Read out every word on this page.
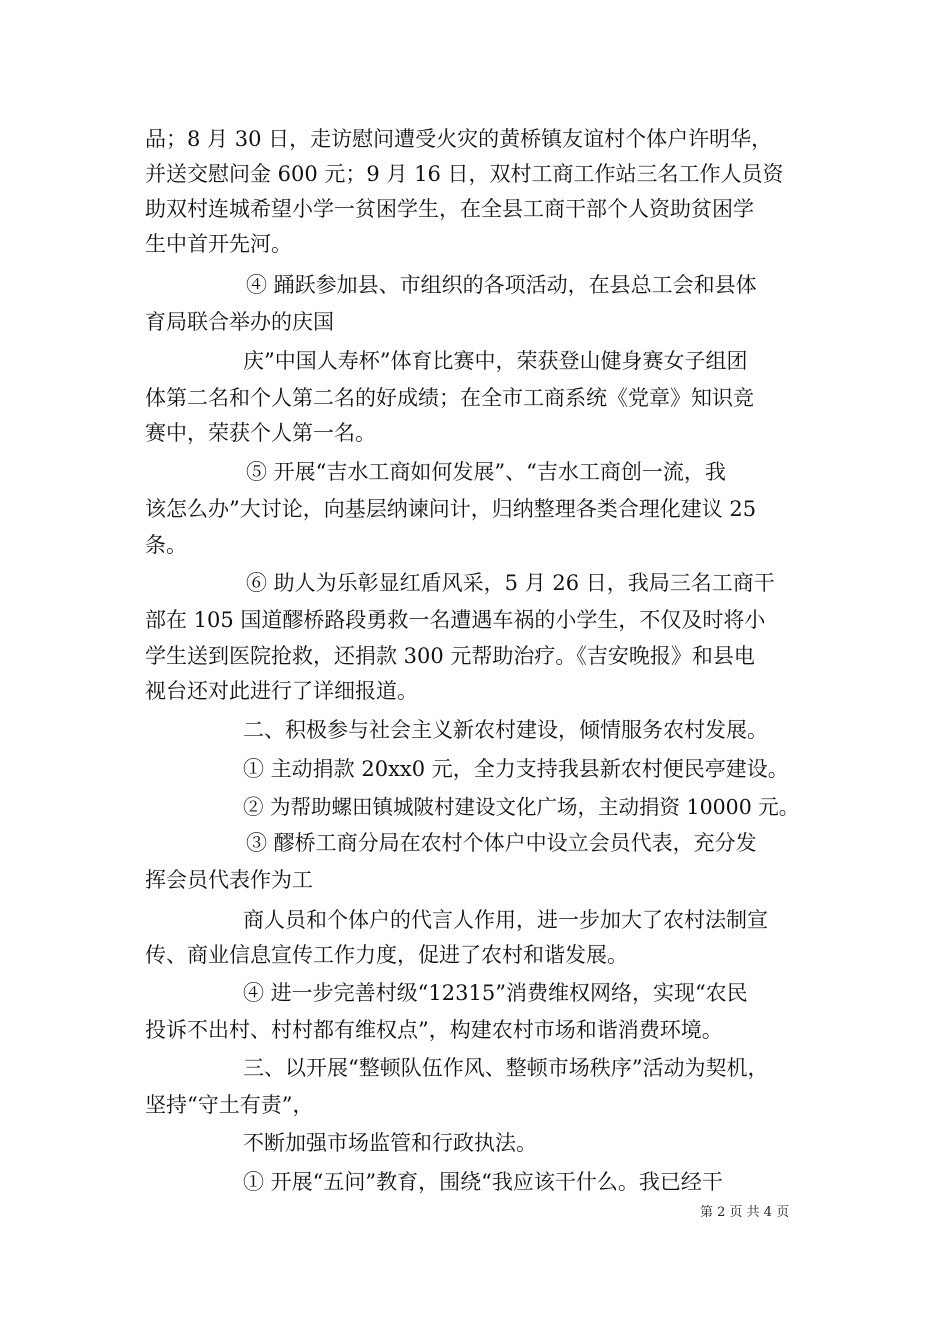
品；8 月 30 日，走访慰问遭受火灾的黄桥镇友谊村个体户许明华，
并送交慰问金 600 元；9 月 16 日，双村工商工作站三名工作人员资
助双村连城希望小学一贫困学生，在全县工商干部个人资助贫困学
生中首开先河。
④ 踊跃参加县、市组织的各项活动，在县总工会和县体
育局联合举办的庆国
庆”中国人寿杯”体育比赛中，荣获登山健身赛女子组团
体第二名和个人第二名的好成绩；在全市工商系统《党章》知识竞
赛中，荣获个人第一名。
⑤ 开展“吉水工商如何发展”、“吉水工商创一流，我
该怎么办”大讨论，向基层纳谏问计，归纳整理各类合理化建议 25
条。
⑥ 助人为乐彰显红盾风采，5 月 26 日，我局三名工商干
部在 105 国道醪桥路段勇救一名遭遇车祸的小学生，不仅及时将小
学生送到医院抢救，还捐款 300 元帮助治疗。《吉安晚报》和县电
视台还对此进行了详细报道。
二、积极参与社会主义新农村建设，倾情服务农村发展。
① 主动捐款 20xx0 元，全力支持我县新农村便民亭建设。
② 为帮助螺田镇城陂村建设文化广场，主动捐资 10000 元。
③ 醪桥工商分局在农村个体户中设立会员代表，充分发
挥会员代表作为工
商人员和个体户的代言人作用，进一步加大了农村法制宣
传、商业信息宣传工作力度，促进了农村和谐发展。
④ 进一步完善村级“12315”消费维权网络，实现“农民
投诉不出村、村村都有维权点”，构建农村市场和谐消费环境。
三、以开展“整顿队伍作风、整顿市场秩序”活动为契机，
坚持“守土有责”，
不断加强市场监管和行政执法。
① 开展“五问”教育，围绕“我应该干什么。我已经干
第 2 页 共 4 页
